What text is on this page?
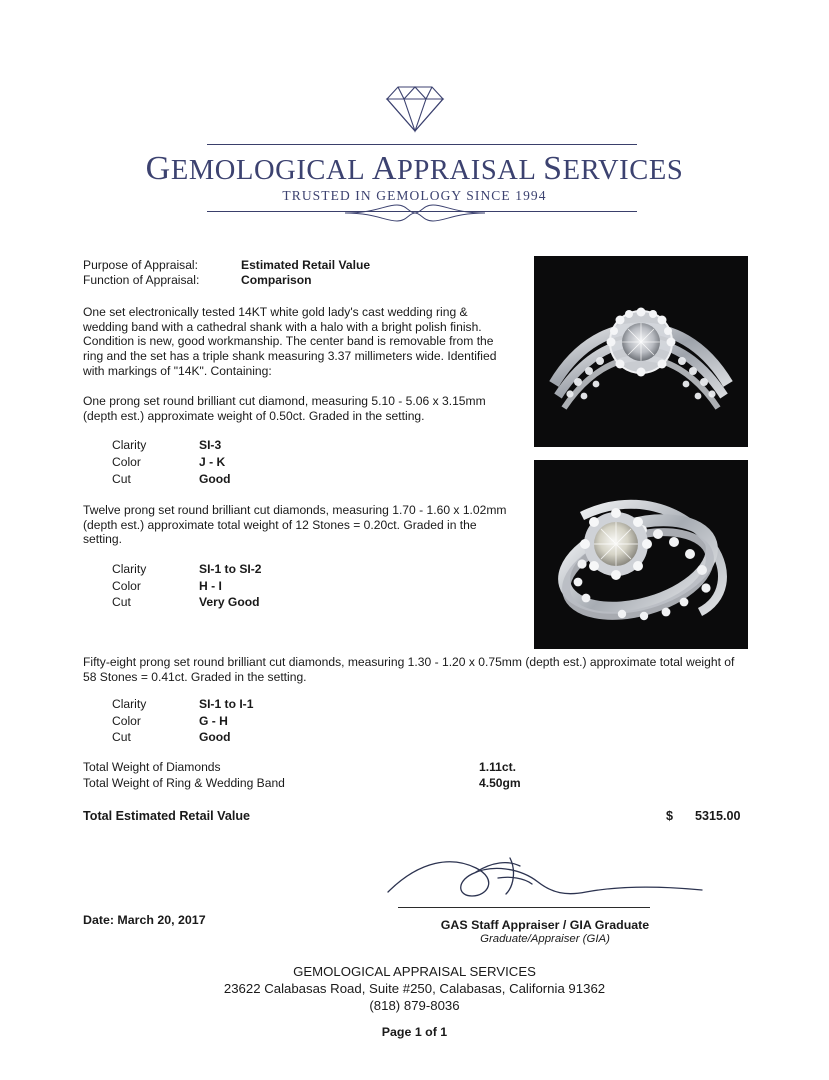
GEMOLOGICAL APPRAISAL SERVICES
TRUSTED IN GEMOLOGY SINCE 1994
Purpose of Appraisal:	Estimated Retail Value
Function of Appraisal:	Comparison
One set electronically tested 14KT white gold lady's cast wedding ring & wedding band with a cathedral shank with a halo with a bright polish finish. Condition is new, good workmanship. The center band is removable from the ring and the set has a triple shank measuring 3.37 millimeters wide. Identified with markings of "14K". Containing:
One prong set round brilliant cut diamond, measuring 5.10 - 5.06 x 3.15mm (depth est.) approximate weight of 0.50ct. Graded in the setting.
Clarity	SI-3
Color	J - K
Cut	Good
Twelve prong set round brilliant cut diamonds, measuring 1.70 - 1.60 x 1.02mm (depth est.) approximate total weight of 12 Stones = 0.20ct. Graded in the setting.
Clarity	SI-1 to SI-2
Color	H - I
Cut	Very Good
Fifty-eight prong set round brilliant cut diamonds, measuring 1.30 - 1.20 x 0.75mm (depth est.) approximate total weight of 58 Stones = 0.41ct. Graded in the setting.
Clarity	SI-1 to I-1
Color	G - H
Cut	Good
Total Weight of Diamonds	1.11ct.
Total Weight of Ring & Wedding Band	4.50gm
Total Estimated Retail Value	$ 5315.00
Date: March 20, 2017	GAS Staff Appraiser / GIA Graduate
Graduate/Appraiser (GIA)
GEMOLOGICAL APPRAISAL SERVICES
23622 Calabasas Road, Suite #250, Calabasas, California 91362
(818) 879-8036
Page 1 of 1
